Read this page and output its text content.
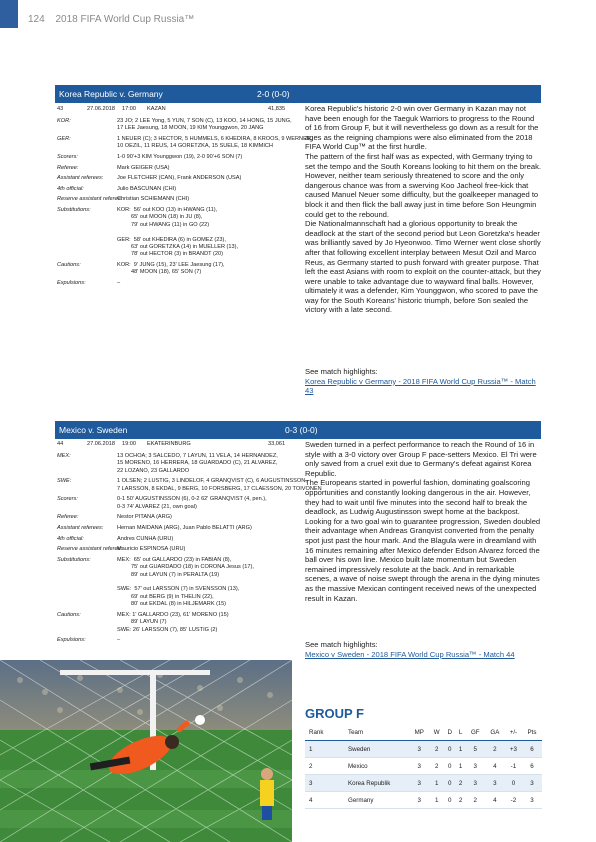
124 2018 FIFA World Cup Russia™
Korea Republic v. Germany	2-0 (0-0)
43	27.06.2018 17:00 KAZAN	41,835
KOR:	23 JO; 2 LEE Yong, 5 YUN, 7 SON (C), 13 KOO, 14 HONG, 15 JUNG,
17 LEE Jaesung, 18 MOON, 19 KIM Younggwon, 20 JANG
GER:	1 NEUER (C); 3 HECTOR, 5 HUMMELS, 6 KHEDIRA, 8 KROOS, 9 WERNER,
10 OEZIL, 11 REUS, 14 GORETZKA, 15 SUELE, 18 KIMMICH
Scorers:	1-0 90'+3 KIM Younggwon (19), 2-0 90'+6 SON (7)
Referee:	Mark GEIGER (USA)
Assistant referees: Joe FLETCHER (CAN), Frank ANDERSON (USA)
4th official:	Julio BASCUNAN (CHI)
Reserve assistant referee:
Christian SCHIEMANN (CHI)
Substitutions:	KOR:  56' out KOO (13) in HWANG (11),
65' out MOON (18) in JU (8),
79' out HWANG (11) in GO (22)
GER:  58' out KHEDIRA (6) in GOMEZ (23),
63' out GORETZKA (14) in MUELLER (13),
78' out HECTOR (3) in BRANDT (20)
Cautions:	KOR:  9' JUNG (15), 23' LEE Jaesung (17),
48' MOON (18), 65' SON (7)
Expulsions:	–

Korea Republic's historic 2-0 win over Germany in Kazan may not have been enough for the Taeguk Warriors to progress to the Round of 16 from Group F, but it will nevertheless go down as a result for the ages as the reigning champions were also eliminated from the 2018 FIFA World Cup™ at the first hurdle.

The pattern of the first half was as expected, with Germany trying to set the tempo and the South Koreans looking to hit them on the break. However, neither team seriously threatened to score and the only dangerous chance was from a swerving Koo Jacheol free-kick that caused Manuel Neuer some difficulty, but the goalkeeper managed to block it and then flick the ball away just in time before Son Heungmin could get to the rebound.

Die Nationalmannschaft had a glorious opportunity to break the deadlock at the start of the second period but Leon Goretzka's header was brilliantly saved by Jo Hyeonwoo. Timo Werner went close shortly after that following excellent interplay between Mesut Ozil and Marco Reus, as Germany started to push forward with greater purpose. That left the east Asians with room to exploit on the counter-attack, but they were unable to take advantage due to wayward final balls. However, ultimately it was a defender, Kim Younggwon, who scored to pave the way for the South Koreans' historic triumph, before Son sealed the victory with a late second.

See match highlights:

Korea Republic v Germany - 2018 FIFA World Cup Russia™ - Match 43

Mexico v. Sweden	0-3 (0-0)
44	27.06.2018 19:00 EKATERINBURG	33,061
MEX:	13 OCHOA; 3 SALCEDO, 7 LAYUN, 11 VELA, 14 HERNANDEZ,
15 MORENO, 16 HERRERA, 18 GUARDADO (C), 21 ALVAREZ,
22 LOZANO, 23 GALLARDO
SWE:	1 OLSEN; 2 LUSTIG, 3 LINDELOF, 4 GRANQVIST (C), 6 AUGUSTINSSON,
7 LARSSON, 8 EKDAL, 9 BERG, 10 FORSBERG, 17 CLAESSON, 20 TOIVONEN
Scorers:	0-1 50' AUGUSTINSSON (6), 0-2 62' GRANQVIST (4, pen.),
0-3 74' ALVAREZ (21, own goal)
Referee:	Nestor PITANA (ARG)
Assistant referees: Hernan MAIDANA (ARG), Juan Pablo BELATTI (ARG)
4th official:	Andres CUNHA (URU)
Reserve assistant referee:
Mauricio ESPINOSA (URU)
Substitutions:	MEX:  65' out GALLARDO (23) in FABIAN (8),
75' out GUARDADO (18) in CORONA Jesus (17),
89' out LAYUN (7) in PERALTA (19)
SWE:  57' out LARSSON (7) in SVENSSON (13),
69' out BERG (9) in THELIN (22),
80' out EKDAL (8) in HILJEMARK (15)
Cautions:	MEX: 1' GALLARDO (23), 61' MORENO (15)
89' LAYUN (7)
SWE: 26' LARSSON (7), 85' LUSTIG (2)
Expulsions:	–

Sweden turned in a perfect performance to reach the Round of 16 in style with a 3-0 victory over Group F pace-setters Mexico. El Tri were only saved from a cruel exit due to Germany's defeat against Korea Republic.

The Europeans started in powerful fashion, dominating goalscoring opportunities and constantly looking dangerous in the air. However, they had to wait until five minutes into the second half to break the deadlock, as Ludwig Augustinsson swept home at the backpost.

Looking for a two goal win to guarantee progression, Sweden doubled their advantage when Andreas Granqvist converted from the penalty spot just past the hour mark. And the Blagula were in dreamland with 16 minutes remaining after Mexico defender Edson Alvarez forced the ball over his own line. Mexico built late momentum but Sweden remained impressively resolute at the back. And in remarkable scenes, a wave of noise swept through the arena in the dying minutes as the massive Mexican contingent received news of the unexpected result in Kazan.

See match highlights:

Mexico v Sweden - 2018 FIFA World Cup Russia™ - Match 44

GROUP F
Rank	Team	MP	W	D	L	GF	GA	+/-	Pts
1	Sweden	3	2	0	1	5	2	+3	6
2	Mexico	3	2	0	1	3	4	-1	6
3	Korea Republik	3	1	0	2	3	3	0	3
4	Germany	3	1	0	2	2	4	-2	3
